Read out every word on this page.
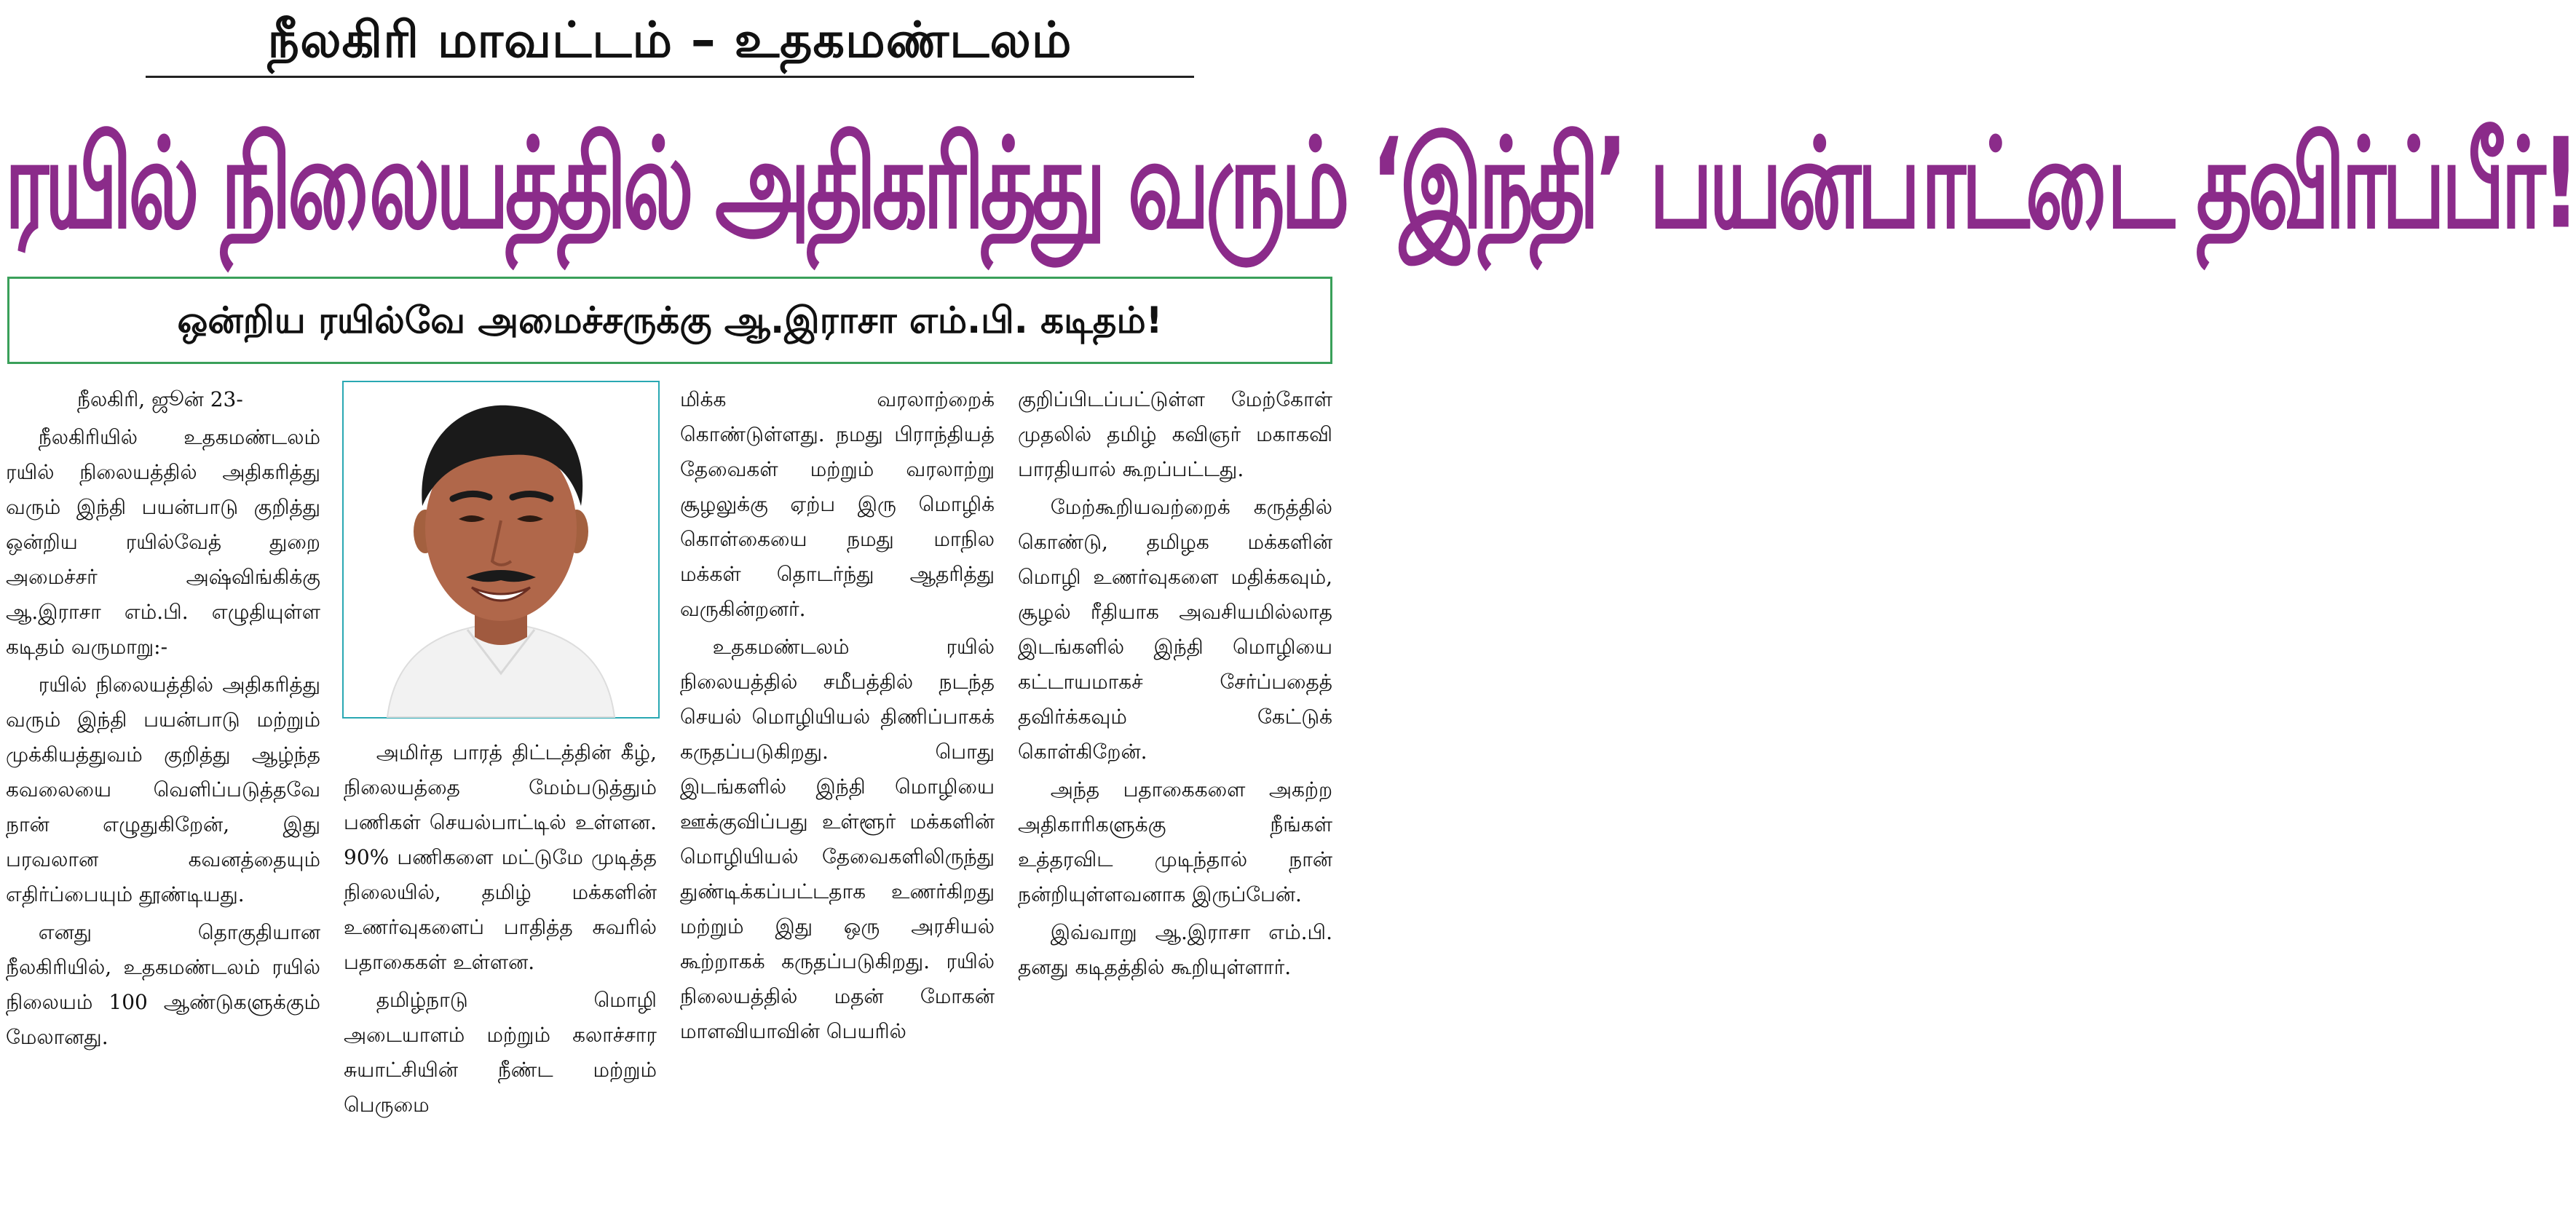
நீலகிரி மாவட்டம் – உதகமண்டலம்
ரயில் நிலையத்தில் அதிகரித்து வரும் ‘இந்தி’ பயன்பாட்டை தவிர்ப்பீர்!
ஒன்றிய ரயில்வே அமைச்சருக்கு ஆ.இராசா எம்.பி. கடிதம்!

நீலகிரி, ஜூன் 23-

நீலகிரியில் உதகமண்டலம் ரயில் நிலையத்தில் அதிகரித்து வரும் இந்தி பயன்பாடு குறித்து ஒன்றிய ரயில்வேத் துறை அமைச்சர் அஷ்விங்கிக்கு ஆ.இராசா எம்.பி. எழுதியுள்ள கடிதம் வருமாறு:-

ரயில் நிலையத்தில் அதிகரித்து வரும் இந்தி பயன்பாடு மற்றும் முக்கியத்துவம் குறித்து ஆழ்ந்த கவலையை வெளிப்படுத்தவே நான் எழுதுகிறேன், இது பரவலான கவனத்தையும் எதிர்ப்பையும் தூண்டியது.

எனது தொகுதியான நீலகிரியில், உதகமண்டலம் ரயில் நிலையம் 100 ஆண்டுகளுக்கும் மேலானது.

அமிர்த பாரத் திட்டத்தின் கீழ், நிலையத்தை மேம்படுத்தும் பணிகள் செயல்பாட்டில் உள்ளன. 90% பணிகளை மட்டுமே முடித்த நிலையில், தமிழ் மக்களின் உணர்வுகளைப் பாதித்த சுவரில் பதாகைகள் உள்ளன.

தமிழ்நாடு மொழி அடையாளம் மற்றும் கலாச்சார சுயாட்சியின் நீண்ட மற்றும் பெருமை

மிக்க வரலாற்றைக் கொண்டுள்ளது. நமது பிராந்தியத் தேவைகள் மற்றும் வரலாற்று சூழலுக்கு ஏற்ப இரு மொழிக் கொள்கையை நமது மாநில மக்கள் தொடர்ந்து ஆதரித்து வருகின்றனர்.

உதகமண்டலம் ரயில் நிலையத்தில் சமீபத்தில் நடந்த செயல் மொழியியல் திணிப்பாகக் கருதப்படுகிறது. பொது இடங்களில் இந்தி மொழியை ஊக்குவிப்பது உள்ளூர் மக்களின் மொழியியல் தேவைகளிலிருந்து துண்டிக்கப்பட்டதாக உணர்கிறது மற்றும் இது ஒரு அரசியல் கூற்றாகக் கருதப்படுகிறது. ரயில் நிலையத்தில் மதன் மோகன் மாளவியாவின் பெயரில்

குறிப்பிடப்பட்டுள்ள மேற்கோள் முதலில் தமிழ் கவிஞர் மகாகவி பாரதியால் கூறப்பட்டது.

மேற்கூறியவற்றைக் கருத்தில் கொண்டு, தமிழக மக்களின் மொழி உணர்வுகளை மதிக்கவும், சூழல் ரீதியாக அவசியமில்லாத இடங்களில் இந்தி மொழியை கட்டாயமாகச் சேர்ப்பதைத் தவிர்க்கவும் கேட்டுக் கொள்கிறேன்.

அந்த பதாகைகளை அகற்ற அதிகாரிகளுக்கு நீங்கள் உத்தரவிட முடிந்தால் நான் நன்றியுள்ளவனாக இருப்பேன்.

இவ்வாறு ஆ.இராசா எம்.பி. தனது கடிதத்தில் கூறியுள்ளார்.
